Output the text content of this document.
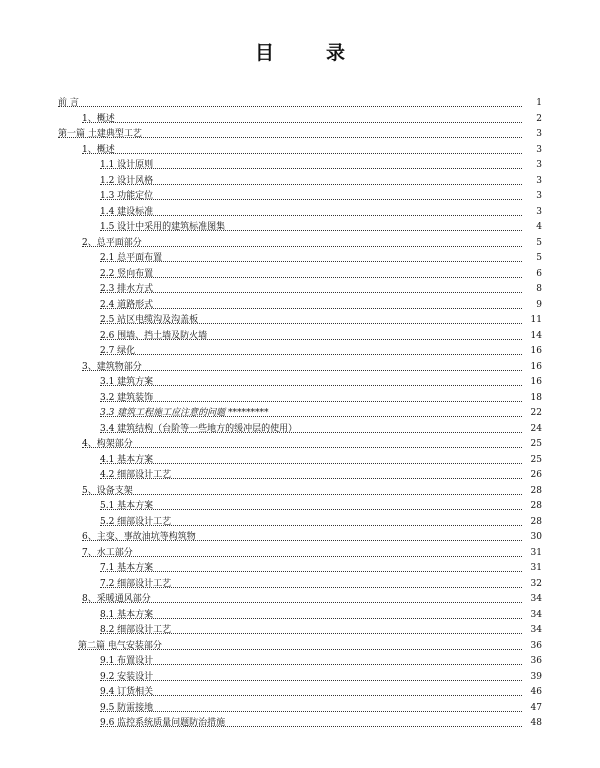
目	录
前 言	1
1、概述	2
第一篇 土建典型工艺	3
1、概述	3
1.1 设计原则	3
1.2 设计风格	3
1.3 功能定位	3
1.4 建设标准	3
1.5 设计中采用的建筑标准图集	4
2、总平面部分	5
2.1 总平面布置	5
2.2 竖向布置	6
2.3 排水方式	8
2.4 道路形式	9
2.5 站区电缆沟及沟盖板	11
2.6 围墙、挡土墙及防火墙	14
2.7 绿化	16
3、建筑物部分	16
3.1 建筑方案	16
3.2 建筑装饰	18
3.3 建筑工程施工应注意的问题 *********	22
3.4 建筑结构（台阶等一些地方的缓冲层的使用）	24
4、构架部分	25
4.1 基本方案	25
4.2 细部设计工艺	26
5、设备支架	28
5.1 基本方案	28
5.2 细部设计工艺	28
6、主变、事故油坑等构筑物	30
7、水工部分	31
7.1 基本方案	31
7.2 细部设计工艺	32
8、采暖通风部分	34
8.1 基本方案	34
8.2 细部设计工艺	34
第二篇 电气安装部分	36
9.1 布置设计	36
9.2 安装设计	39
9.4 订货相关	46
9.5 防雷接地	47
9.6 监控系统质量问题防治措施	48
